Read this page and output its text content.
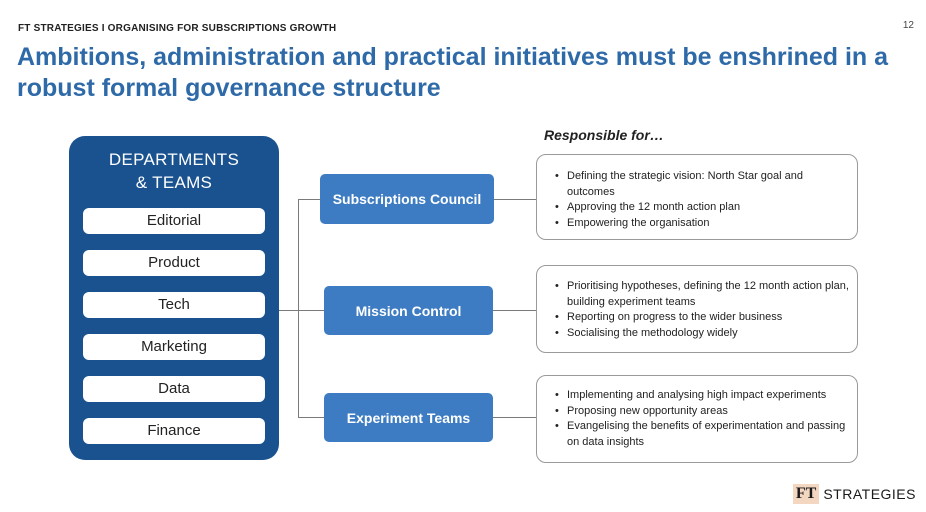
FT STRATEGIES I ORGANISING FOR SUBSCRIPTIONS GROWTH	12
Ambitions, administration and practical initiatives must be enshrined in a robust formal governance structure
DEPARTMENTS
& TEAMS
Editorial
Product
Tech
Marketing
Data
Finance
Subscriptions Council
Mission Control
Experiment Teams
Responsible for…
• Defining the strategic vision: North Star goal and outcomes
• Approving the 12 month action plan
• Empowering the organisation
• Prioritising hypotheses, defining the 12 month action plan, building experiment teams
• Reporting on progress to the wider business
• Socialising the methodology widely
• Implementing and analysing high impact experiments
• Proposing new opportunity areas
• Evangelising the benefits of experimentation and passing on data insights
FT STRATEGIES
